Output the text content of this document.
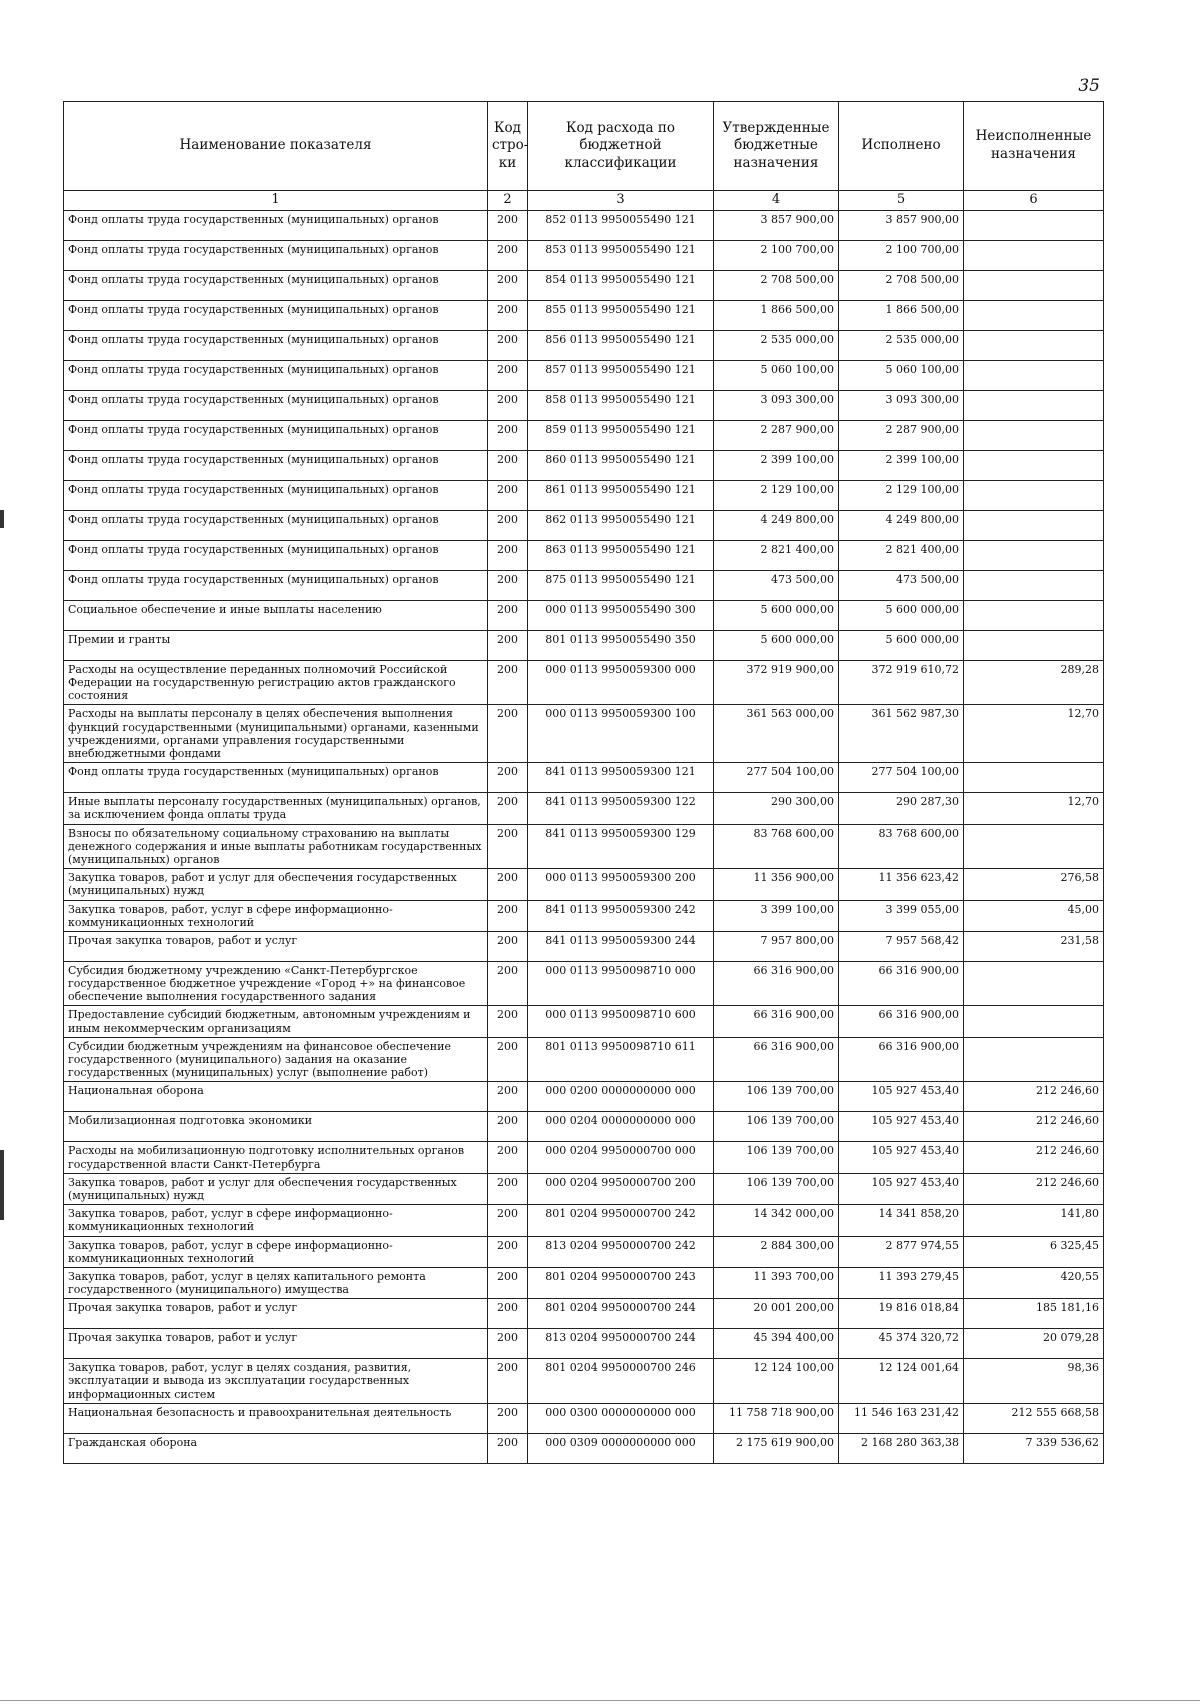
35
Наименование показателя	Код стро-ки	Код расхода по бюджетной классификации	Утвержденные бюджетные назначения	Исполнено	Неисполненные назначения
1	2	3	4	5	6
Фонд оплаты труда государственных (муниципальных) органов	200	852 0113 9950055490 121	3 857 900,00	3 857 900,00	
Фонд оплаты труда государственных (муниципальных) органов	200	853 0113 9950055490 121	2 100 700,00	2 100 700,00	
Фонд оплаты труда государственных (муниципальных) органов	200	854 0113 9950055490 121	2 708 500,00	2 708 500,00	
Фонд оплаты труда государственных (муниципальных) органов	200	855 0113 9950055490 121	1 866 500,00	1 866 500,00	
Фонд оплаты труда государственных (муниципальных) органов	200	856 0113 9950055490 121	2 535 000,00	2 535 000,00	
Фонд оплаты труда государственных (муниципальных) органов	200	857 0113 9950055490 121	5 060 100,00	5 060 100,00	
Фонд оплаты труда государственных (муниципальных) органов	200	858 0113 9950055490 121	3 093 300,00	3 093 300,00	
Фонд оплаты труда государственных (муниципальных) органов	200	859 0113 9950055490 121	2 287 900,00	2 287 900,00	
Фонд оплаты труда государственных (муниципальных) органов	200	860 0113 9950055490 121	2 399 100,00	2 399 100,00	
Фонд оплаты труда государственных (муниципальных) органов	200	861 0113 9950055490 121	2 129 100,00	2 129 100,00	
Фонд оплаты труда государственных (муниципальных) органов	200	862 0113 9950055490 121	4 249 800,00	4 249 800,00	
Фонд оплаты труда государственных (муниципальных) органов	200	863 0113 9950055490 121	2 821 400,00	2 821 400,00	
Фонд оплаты труда государственных (муниципальных) органов	200	875 0113 9950055490 121	473 500,00	473 500,00	
Социальное обеспечение и иные выплаты населению	200	000 0113 9950055490 300	5 600 000,00	5 600 000,00	
Премии и гранты	200	801 0113 9950055490 350	5 600 000,00	5 600 000,00	
Расходы на осуществление переданных полномочий Российской Федерации на государственную регистрацию актов гражданского состояния	200	000 0113 9950059300 000	372 919 900,00	372 919 610,72	289,28
Расходы на выплаты персоналу в целях обеспечения выполнения функций государственными (муниципальными) органами, казенными учреждениями, органами управления государственными внебюджетными фондами	200	000 0113 9950059300 100	361 563 000,00	361 562 987,30	12,70
Фонд оплаты труда государственных (муниципальных) органов	200	841 0113 9950059300 121	277 504 100,00	277 504 100,00	
Иные выплаты персоналу государственных (муниципальных) органов, за исключением фонда оплаты труда	200	841 0113 9950059300 122	290 300,00	290 287,30	12,70
Взносы по обязательному социальному страхованию на выплаты денежного содержания и иные выплаты работникам государственных (муниципальных) органов	200	841 0113 9950059300 129	83 768 600,00	83 768 600,00	
Закупка товаров, работ и услуг для обеспечения государственных (муниципальных) нужд	200	000 0113 9950059300 200	11 356 900,00	11 356 623,42	276,58
Закупка товаров, работ, услуг в сфере информационно-коммуникационных технологий	200	841 0113 9950059300 242	3 399 100,00	3 399 055,00	45,00
Прочая закупка товаров, работ и услуг	200	841 0113 9950059300 244	7 957 800,00	7 957 568,42	231,58
Субсидия бюджетному учреждению «Санкт-Петербургское государственное бюджетное учреждение «Город +» на финансовое обеспечение выполнения государственного задания	200	000 0113 9950098710 000	66 316 900,00	66 316 900,00	
Предоставление субсидий бюджетным, автономным учреждениям и иным некоммерческим организациям	200	000 0113 9950098710 600	66 316 900,00	66 316 900,00	
Субсидии бюджетным учреждениям на финансовое обеспечение государственного (муниципального) задания на оказание государственных (муниципальных) услуг (выполнение работ)	200	801 0113 9950098710 611	66 316 900,00	66 316 900,00	
Национальная оборона	200	000 0200 0000000000 000	106 139 700,00	105 927 453,40	212 246,60
Мобилизационная подготовка экономики	200	000 0204 0000000000 000	106 139 700,00	105 927 453,40	212 246,60
Расходы на мобилизационную подготовку исполнительных органов государственной власти Санкт-Петербурга	200	000 0204 9950000700 000	106 139 700,00	105 927 453,40	212 246,60
Закупка товаров, работ и услуг для обеспечения государственных (муниципальных) нужд	200	000 0204 9950000700 200	106 139 700,00	105 927 453,40	212 246,60
Закупка товаров, работ, услуг в сфере информационно-коммуникационных технологий	200	801 0204 9950000700 242	14 342 000,00	14 341 858,20	141,80
Закупка товаров, работ, услуг в сфере информационно-коммуникационных технологий	200	813 0204 9950000700 242	2 884 300,00	2 877 974,55	6 325,45
Закупка товаров, работ, услуг в целях капитального ремонта государственного (муниципального) имущества	200	801 0204 9950000700 243	11 393 700,00	11 393 279,45	420,55
Прочая закупка товаров, работ и услуг	200	801 0204 9950000700 244	20 001 200,00	19 816 018,84	185 181,16
Прочая закупка товаров, работ и услуг	200	813 0204 9950000700 244	45 394 400,00	45 374 320,72	20 079,28
Закупка товаров, работ, услуг в целях создания, развития, эксплуатации и вывода из эксплуатации государственных информационных систем	200	801 0204 9950000700 246	12 124 100,00	12 124 001,64	98,36
Национальная безопасность и правоохранительная деятельность	200	000 0300 0000000000 000	11 758 718 900,00	11 546 163 231,42	212 555 668,58
Гражданская оборона	200	000 0309 0000000000 000	2 175 619 900,00	2 168 280 363,38	7 339 536,62
